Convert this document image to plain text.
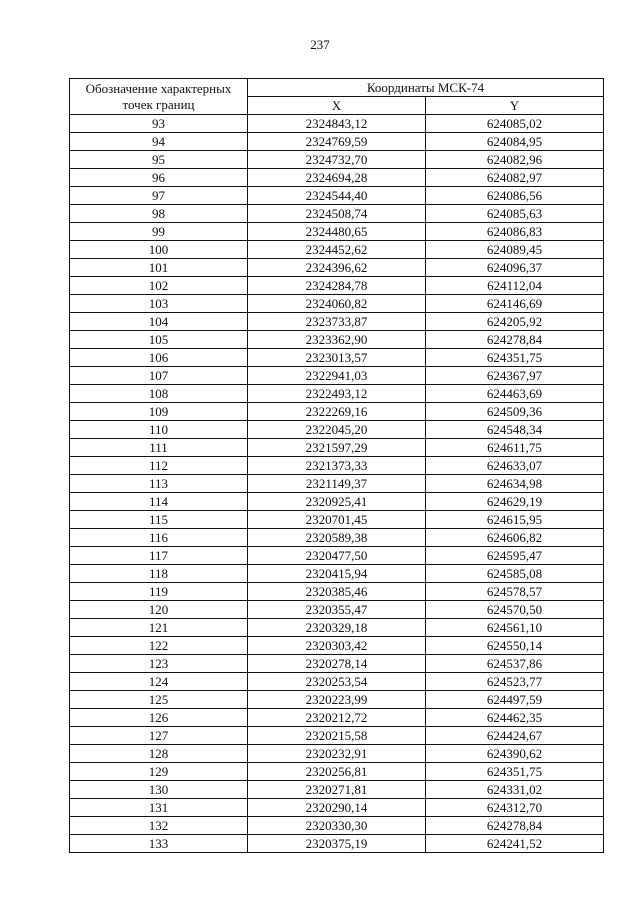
237
Обозначение характерных
точек границ	Координаты МСК-74	
	X	Y
93	2324843,12	624085,02
94	2324769,59	624084,95
95	2324732,70	624082,96
96	2324694,28	624082,97
97	2324544,40	624086,56
98	2324508,74	624085,63
99	2324480,65	624086,83
100	2324452,62	624089,45
101	2324396,62	624096,37
102	2324284,78	624112,04
103	2324060,82	624146,69
104	2323733,87	624205,92
105	2323362,90	624278,84
106	2323013,57	624351,75
107	2322941,03	624367,97
108	2322493,12	624463,69
109	2322269,16	624509,36
110	2322045,20	624548,34
111	2321597,29	624611,75
112	2321373,33	624633,07
113	2321149,37	624634,98
114	2320925,41	624629,19
115	2320701,45	624615,95
116	2320589,38	624606,82
117	2320477,50	624595,47
118	2320415,94	624585,08
119	2320385,46	624578,57
120	2320355,47	624570,50
121	2320329,18	624561,10
122	2320303,42	624550,14
123	2320278,14	624537,86
124	2320253,54	624523,77
125	2320223,99	624497,59
126	2320212,72	624462,35
127	2320215,58	624424,67
128	2320232,91	624390,62
129	2320256,81	624351,75
130	2320271,81	624331,02
131	2320290,14	624312,70
132	2320330,30	624278,84
133	2320375,19	624241,52
